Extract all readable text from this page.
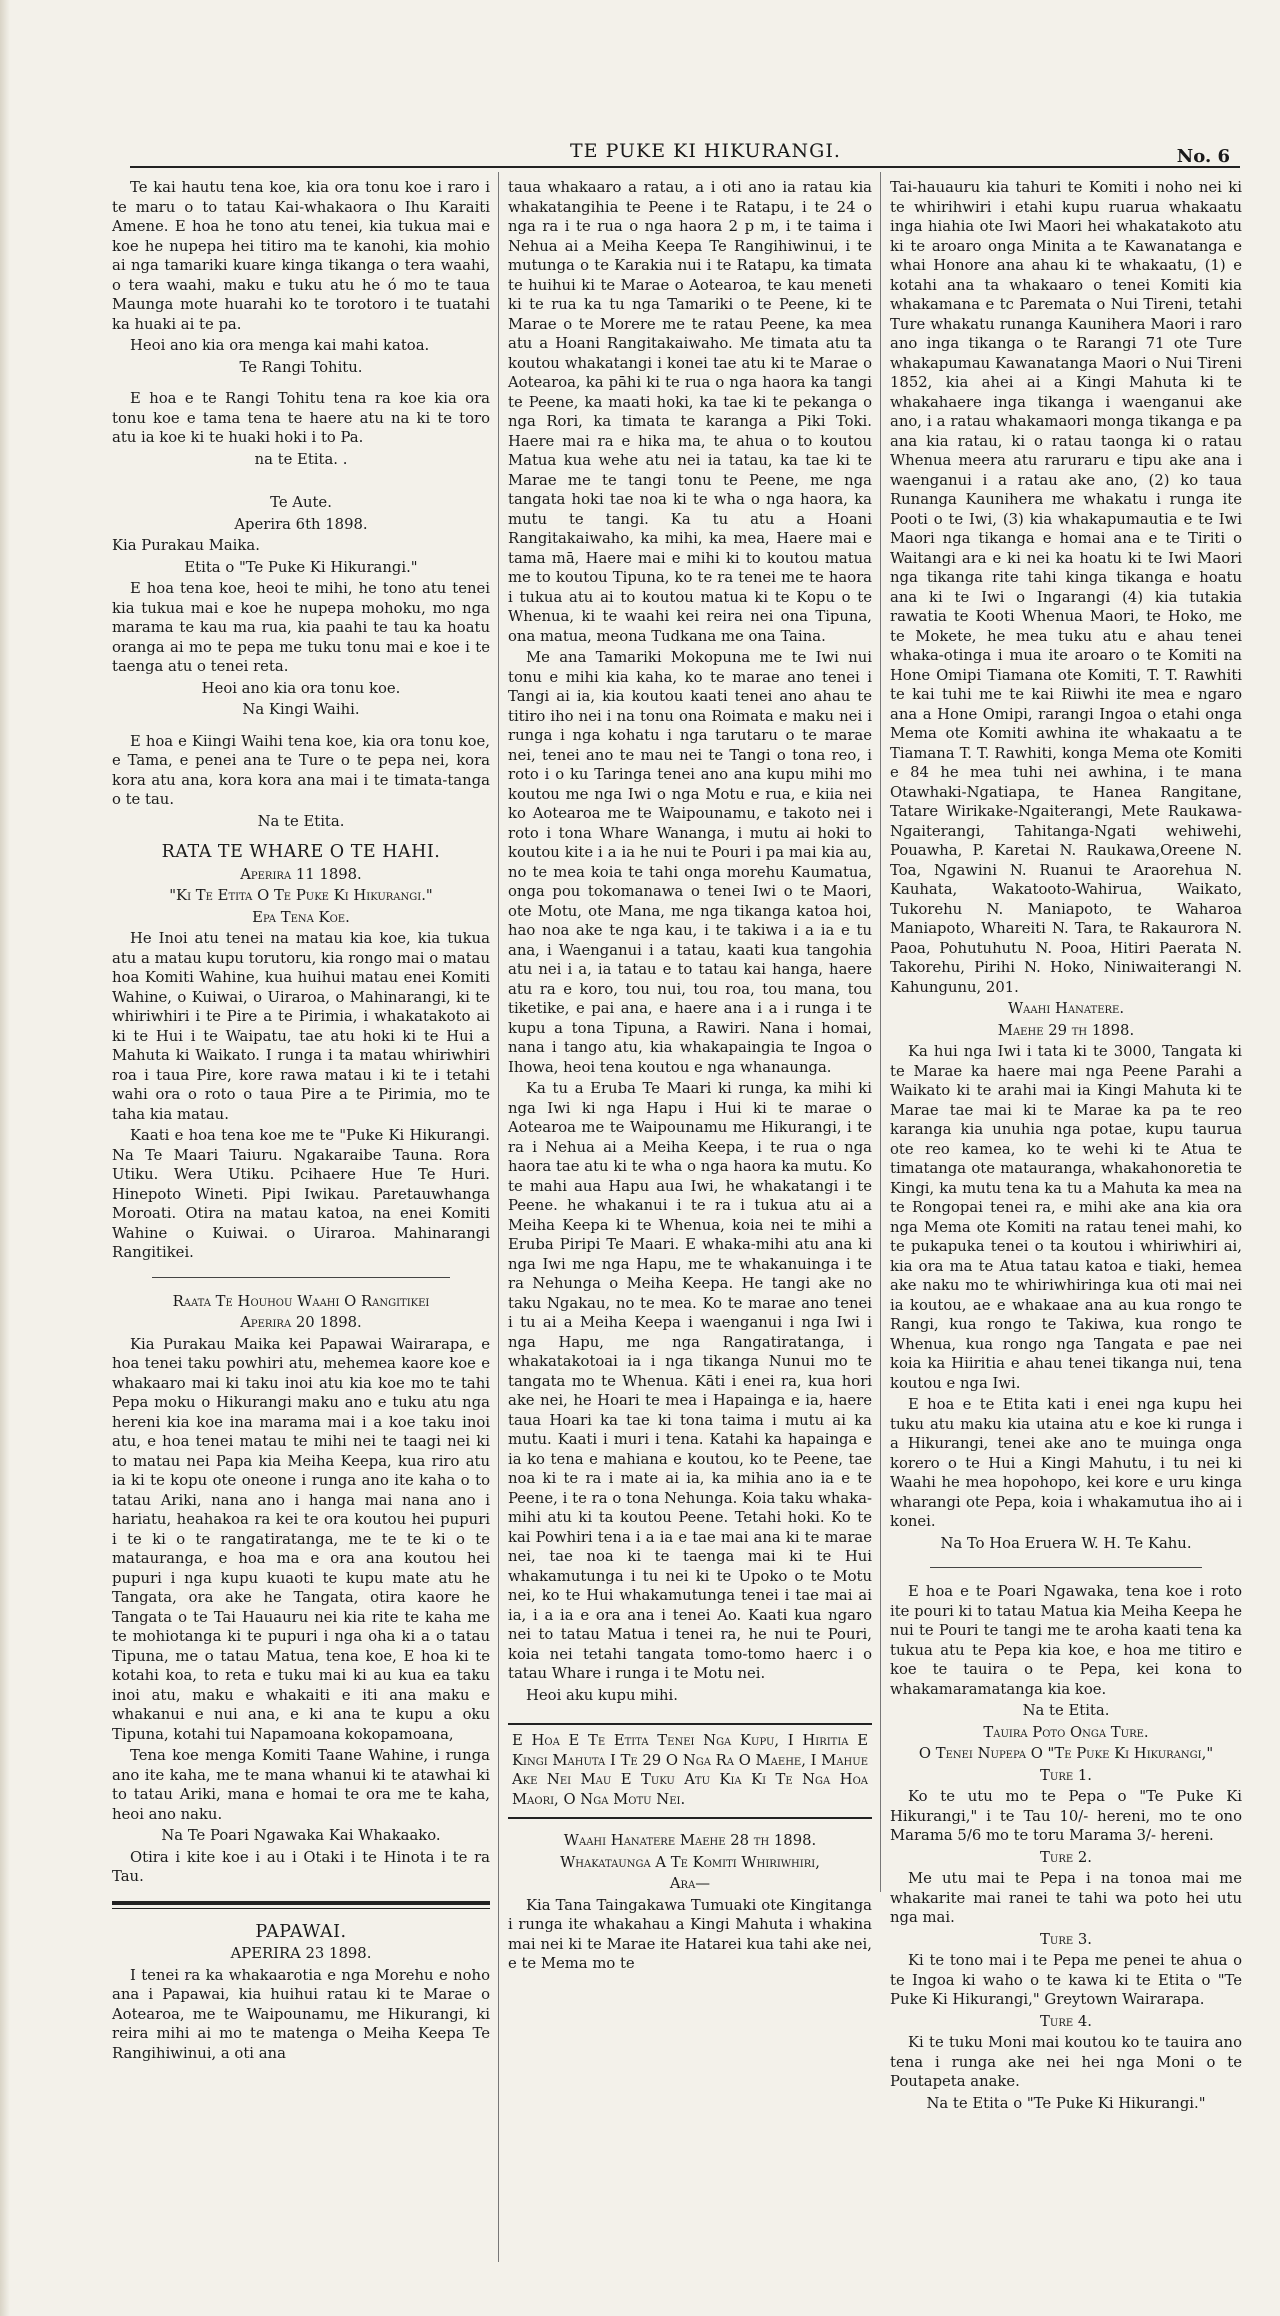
TE PUKE KI HIKURANGI.	No. 6

Te kai hautu tena koe, kia ora tonu koe i raro i te maru o to tatau Kai-whakaora o Ihu Karaiti Amene. E hoa he tono atu tenei, kia tukua mai e koe he nupepa hei titiro ma te kanohi, kia mohio ai nga tamariki kuare kinga tikanga o tera waahi, o tera waahi, maku e tuku atu he ó mo te taua Maunga mote huarahi ko te torotoro i te tuatahi ka huaki ai te pa.

Heoi ano kia ora menga kai mahi katoa.

Te Rangi Tohitu.

E hoa e te Rangi Tohitu tena ra koe kia ora tonu koe e tama tena te haere atu na ki te toro atu ia koe ki te huaki hoki i to Pa.

na te Etita. .

Te Aute.

Aperira 6th 1898.

Kia Purakau Maika.

Etita o "Te Puke Ki Hikurangi."

E hoa tena koe, heoi te mihi, he tono atu tenei kia tukua mai e koe he nupepa mohoku, mo nga marama te kau ma rua, kia paahi te tau ka hoatu oranga ai mo te pepa me tuku tonu mai e koe i te taenga atu o tenei reta.

Heoi ano kia ora tonu koe.

Na Kingi Waihi.

E hoa e Kiingi Waihi tena koe, kia ora tonu koe, e Tama, e penei ana te Ture o te pepa nei, kora kora atu ana, kora kora ana mai i te timata-tanga o te tau.

Na te Etita.

RATA TE WHARE O TE HAHI.

Aperira 11 1898.

"Ki Te Etita O Te Puke Ki Hikurangi."

Epa Tena Koe.

He Inoi atu tenei na matau kia koe, kia tukua atu a matau kupu torutoru, kia rongo mai o matau hoa Komiti Wahine, kua huihui matau enei Komiti Wahine, o Kuiwai, o Uiraroa, o Mahinarangi, ki te whiriwhiri i te Pire a te Pirimia, i whakatakoto ai ki te Hui i te Waipatu, tae atu hoki ki te Hui a Mahuta ki Waikato. I runga i ta matau whiriwhiri roa i taua Pire, kore rawa matau i ki te i tetahi wahi ora o roto o taua Pire a te Pirimia, mo te taha kia matau.

Kaati e hoa tena koe me te "Puke Ki Hikurangi. Na Te Maari Taiuru. Ngakaraibe Tauna. Rora Utiku. Wera Utiku. Pcihaere Hue Te Huri. Hinepoto Wineti. Pipi Iwikau. Paretauwhanga Moroati. Otira na matau katoa, na enei Komiti Wahine o Kuiwai. o Uiraroa. Mahinarangi Rangitikei.

Raata Te Houhou Waahi O Rangitikei

Aperira 20 1898.

Kia Purakau Maika kei Papawai Wairarapa, e hoa tenei taku powhiri atu, mehemea kaore koe e whakaaro mai ki taku inoi atu kia koe mo te tahi Pepa moku o Hikurangi maku ano e tuku atu nga hereni kia koe ina marama mai i a koe taku inoi atu, e hoa tenei matau te mihi nei te taagi nei ki to matau nei Papa kia Meiha Keepa, kua riro atu ia ki te kopu ote oneone i runga ano ite kaha o to tatau Ariki, nana ano i hanga mai nana ano i hariatu, heahakoa ra kei te ora koutou hei pupuri i te ki o te rangatiratanga, me te te ki o te matauranga, e hoa ma e ora ana koutou hei pupuri i nga kupu kuaoti te kupu mate atu he Tangata, ora ake he Tangata, otira kaore he Tangata o te Tai Hauauru nei kia rite te kaha me te mohiotanga ki te pupuri i nga oha ki a o tatau Tipuna, me o tatau Matua, tena koe, E hoa ki te kotahi koa, to reta e tuku mai ki au kua ea taku inoi atu, maku e whakaiti e iti ana maku e whakanui e nui ana, e ki ana te kupu a oku Tipuna, kotahi tui Napamoana kokopamoana,

Tena koe menga Komiti Taane Wahine, i runga ano ite kaha, me te mana whanui ki te atawhai ki to tatau Ariki, mana e homai te ora me te kaha, heoi ano naku.

Na Te Poari Ngawaka Kai Whakaako.

Otira i kite koe i au i Otaki i te Hinota i te ra Tau.

PAPAWAI.

APERIRA 23 1898.

I tenei ra ka whakaarotia e nga Morehu e noho ana i Papawai, kia huihui ratau ki te Marae o Aotearoa, me te Waipounamu, me Hikurangi, ki reira mihi ai mo te matenga o Meiha Keepa Te Rangihiwinui, a oti ana

taua whakaaro a ratau, a i oti ano ia ratau kia whakatangihia te Peene i te Ratapu, i te 24 o nga ra i te rua o nga haora 2 p m, i te taima i Nehua ai a Meiha Keepa Te Rangihiwinui, i te mutunga o te Karakia nui i te Ratapu, ka timata te huihui ki te Marae o Aotearoa, te kau meneti ki te rua ka tu nga Tamariki o te Peene, ki te Marae o te Morere me te ratau Peene, ka mea atu a Hoani Rangitakaiwaho. Me timata atu ta koutou whakatangi i konei tae atu ki te Marae o Aotearoa, ka pāhi ki te rua o nga haora ka tangi te Peene, ka maati hoki, ka tae ki te pekanga o nga Rori, ka timata te karanga a Piki Toki. Haere mai ra e hika ma, te ahua o to koutou Matua kua wehe atu nei ia tatau, ka tae ki te Marae me te tangi tonu te Peene, me nga tangata hoki tae noa ki te wha o nga haora, ka mutu te tangi. Ka tu atu a Hoani Rangitakaiwaho, ka mihi, ka mea, Haere mai e tama mā, Haere mai e mihi ki to koutou matua me to koutou Tipuna, ko te ra tenei me te haora i tukua atu ai to koutou matua ki te Kopu o te Whenua, ki te waahi kei reira nei ona Tipuna, ona matua, meona Tudkana me ona Taina.

Me ana Tamariki Mokopuna me te Iwi nui tonu e mihi kia kaha, ko te marae ano tenei i Tangi ai ia, kia koutou kaati tenei ano ahau te titiro iho nei i na tonu ona Roimata e maku nei i runga i nga kohatu i nga tarutaru o te marae nei, tenei ano te mau nei te Tangi o tona reo, i roto i o ku Taringa tenei ano ana kupu mihi mo koutou me nga Iwi o nga Motu e rua, e kiia nei ko Aotearoa me te Waipounamu, e takoto nei i roto i tona Whare Wananga, i mutu ai hoki to koutou kite i a ia he nui te Pouri i pa mai kia au, no te mea koia te tahi onga morehu Kaumatua, onga pou tokomanawa o tenei Iwi o te Maori, ote Motu, ote Mana, me nga tikanga katoa hoi, hao noa ake te nga kau, i te takiwa i a ia e tu ana, i Waenganui i a tatau, kaati kua tangohia atu nei i a, ia tatau e to tatau kai hanga, haere atu ra e koro, tou nui, tou roa, tou mana, tou tiketike, e pai ana, e haere ana i a i runga i te kupu a tona Tipuna, a Rawiri. Nana i homai, nana i tango atu, kia whakapaingia te Ingoa o Ihowa, heoi tena koutou e nga whanaunga.

Ka tu a Eruba Te Maari ki runga, ka mihi ki nga Iwi ki nga Hapu i Hui ki te marae o Aotearoa me te Waipounamu me Hikurangi, i te ra i Nehua ai a Meiha Keepa, i te rua o nga haora tae atu ki te wha o nga haora ka mutu. Ko te mahi aua Hapu aua Iwi, he whakatangi i te Peene. he whakanui i te ra i tukua atu ai a Meiha Keepa ki te Whenua, koia nei te mihi a Eruba Piripi Te Maari. E whaka-mihi atu ana ki nga Iwi me nga Hapu, me te whakanuinga i te ra Nehunga o Meiha Keepa. He tangi ake no taku Ngakau, no te mea. Ko te marae ano tenei i tu ai a Meiha Keepa i waenganui i nga Iwi i nga Hapu, me nga Rangatiratanga, i whakatakotoai ia i nga tikanga Nunui mo te tangata mo te Whenua. Kāti i enei ra, kua hori ake nei, he Hoari te mea i Hapainga e ia, haere taua Hoari ka tae ki tona taima i mutu ai ka mutu. Kaati i muri i tena. Katahi ka hapainga e ia ko tena e mahiana e koutou, ko te Peene, tae noa ki te ra i mate ai ia, ka mihia ano ia e te Peene, i te ra o tona Nehunga. Koia taku whaka-mihi atu ki ta koutou Peene. Tetahi hoki. Ko te kai Powhiri tena i a ia e tae mai ana ki te marae nei, tae noa ki te taenga mai ki te Hui whakamutunga i tu nei ki te Upoko o te Motu nei, ko te Hui whakamutunga tenei i tae mai ai ia, i a ia e ora ana i tenei Ao. Kaati kua ngaro nei to tatau Matua i tenei ra, he nui te Pouri, koia nei tetahi tangata tomo-tomo haerc i o tatau Whare i runga i te Motu nei.

Heoi aku kupu mihi.

E Hoa E Te Etita Tenei Nga Kupu, I Hiritia E Kingi Mahuta I Te 29 O Nga Ra O Maehe, I Mahue Ake Nei Mau E Tuku Atu Kia Ki Te Nga Hoa Maori, O Nga Motu Nei.

Waahi Hanatere Maehe 28 th 1898.

Whakataunga A Te Komiti Whiriwhiri,

Ara—

Kia Tana Taingakawa Tumuaki ote Kingitanga i runga ite whakahau a Kingi Mahuta i whakina mai nei ki te Marae ite Hatarei kua tahi ake nei, e te Mema mo te

Tai-hauauru kia tahuri te Komiti i noho nei ki te whirihwiri i etahi kupu ruarua whakaatu inga hiahia ote Iwi Maori hei whakatakoto atu ki te aroaro onga Minita a te Kawanatanga e whai Honore ana ahau ki te whakaatu, (1) e kotahi ana ta whakaaro o tenei Komiti kia whakamana e tc Paremata o Nui Tireni, tetahi Ture whakatu runanga Kaunihera Maori i raro ano inga tikanga o te Rarangi 71 ote Ture whakapumau Kawanatanga Maori o Nui Tireni 1852, kia ahei ai a Kingi Mahuta ki te whakahaere inga tikanga i waenganui ake ano, i a ratau whakamaori monga tikanga e pa ana kia ratau, ki o ratau taonga ki o ratau Whenua meera atu raruraru e tipu ake ana i waenganui i a ratau ake ano, (2) ko taua Runanga Kaunihera me whakatu i runga ite Pooti o te Iwi, (3) kia whakapumautia e te Iwi Maori nga tikanga e homai ana e te Tiriti o Waitangi ara e ki nei ka hoatu ki te Iwi Maori nga tikanga rite tahi kinga tikanga e hoatu ana ki te Iwi o Ingarangi (4) kia tutakia rawatia te Kooti Whenua Maori, te Hoko, me te Mokete, he mea tuku atu e ahau tenei whaka-otinga i mua ite aroaro o te Komiti na Hone Omipi Tiamana ote Komiti, T. T. Rawhiti te kai tuhi me te kai Riiwhi ite mea e ngaro ana a Hone Omipi, rarangi Ingoa o etahi onga Mema ote Komiti awhina ite whakaatu a te Tiamana T. T. Rawhiti, konga Mema ote Komiti e 84 he mea tuhi nei awhina, i te mana Otawhaki-Ngatiapa, te Hanea Rangitane, Tatare Wirikake-Ngaiterangi, Mete Raukawa-Ngaiterangi, Tahitanga-Ngati wehiwehi, Pouawha, P. Karetai N. Raukawa,Oreene N. Toa, Ngawini N. Ruanui te Araorehua N. Kauhata, Wakatooto-Wahirua, Waikato, Tukorehu N. Maniapoto, te Waharoa Maniapoto, Whareiti N. Tara, te Rakaurora N. Paoa, Pohutuhutu N. Pooa, Hitiri Paerata N. Takorehu, Pirihi N. Hoko, Niniwaiterangi N. Kahungunu, 201.

Waahi Hanatere.

Maehe 29 th 1898.

Ka hui nga Iwi i tata ki te 3000, Tangata ki te Marae ka haere mai nga Peene Parahi a Waikato ki te arahi mai ia Kingi Mahuta ki te Marae tae mai ki te Marae ka pa te reo karanga kia unuhia nga potae, kupu taurua ote reo kamea, ko te wehi ki te Atua te timatanga ote matauranga, whakahonoretia te Kingi, ka mutu tena ka tu a Mahuta ka mea na te Rongopai tenei ra, e mihi ake ana kia ora nga Mema ote Komiti na ratau tenei mahi, ko te pukapuka tenei o ta koutou i whiriwhiri ai, kia ora ma te Atua tatau katoa e tiaki, hemea ake naku mo te whiriwhiringa kua oti mai nei ia koutou, ae e whakaae ana au kua rongo te Rangi, kua rongo te Takiwa, kua rongo te Whenua, kua rongo nga Tangata e pae nei koia ka Hiiritia e ahau tenei tikanga nui, tena koutou e nga Iwi.

E hoa e te Etita kati i enei nga kupu hei tuku atu maku kia utaina atu e koe ki runga i a Hikurangi, tenei ake ano te muinga onga korero o te Hui a Kingi Mahutu, i tu nei ki Waahi he mea hopohopo, kei kore e uru kinga wharangi ote Pepa, koia i whakamutua iho ai i konei.

Na To Hoa Eruera W. H. Te Kahu.

E hoa e te Poari Ngawaka, tena koe i roto ite pouri ki to tatau Matua kia Meiha Keepa he nui te Pouri te tangi me te aroha kaati tena ka tukua atu te Pepa kia koe, e hoa me titiro e koe te tauira o te Pepa, kei kona to whakamaramatanga kia koe.

Na te Etita.

Tauira Poto Onga Ture.

O Tenei Nupepa O "Te Puke Ki Hikurangi,"

Ture 1.

Ko te utu mo te Pepa o "Te Puke Ki Hikurangi," i te Tau 10/- hereni, mo te ono Marama 5/6 mo te toru Marama 3/- hereni.

Ture 2.

Me utu mai te Pepa i na tonoa mai me whakarite mai ranei te tahi wa poto hei utu nga mai.

Ture 3.

Ki te tono mai i te Pepa me penei te ahua o te Ingoa ki waho o te kawa ki te Etita o "Te Puke Ki Hikurangi," Greytown Wairarapa.

Ture 4.

Ki te tuku Moni mai koutou ko te tauira ano tena i runga ake nei hei nga Moni o te Poutapeta anake.

Na te Etita o "Te Puke Ki Hikurangi."
